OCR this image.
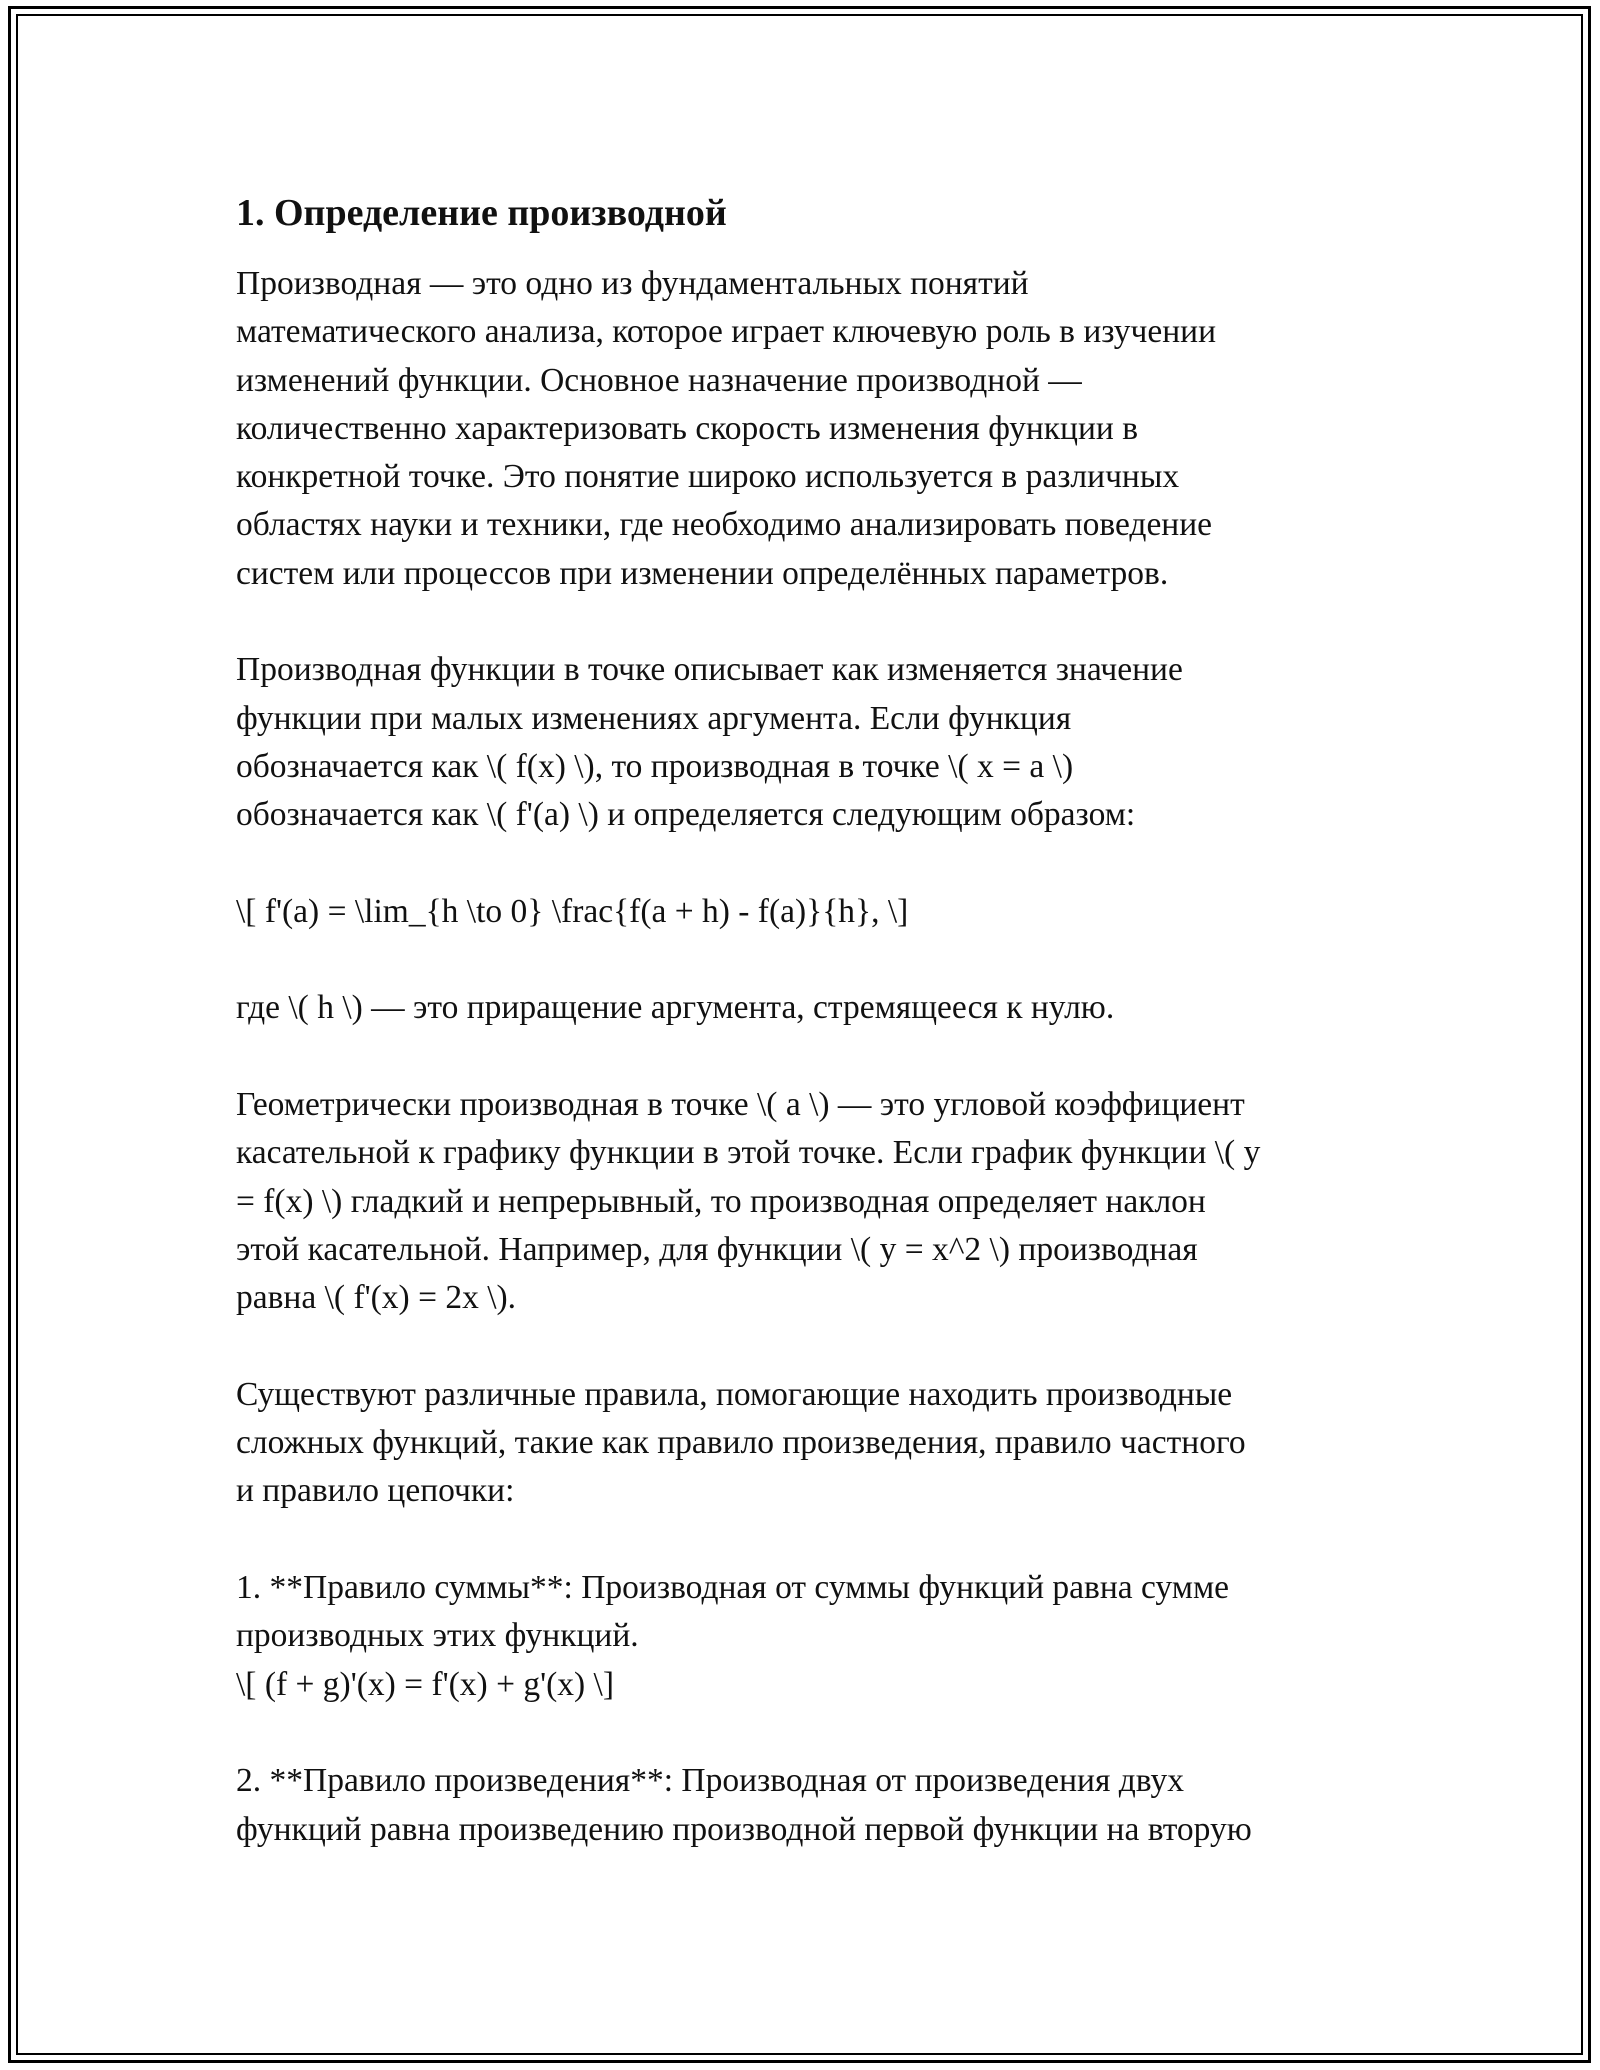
1. Определение производной

Производная — это одно из фундаментальных понятий
математического анализа, которое играет ключевую роль в изучении
изменений функции. Основное назначение производной —
количественно характеризовать скорость изменения функции в
конкретной точке. Это понятие широко используется в различных
областях науки и техники, где необходимо анализировать поведение
систем или процессов при изменении определённых параметров.

Производная функции в точке описывает как изменяется значение
функции при малых изменениях аргумента. Если функция
обозначается как \( f(x) \), то производная в точке \( x = a \)
обозначается как \( f'(a) \) и определяется следующим образом:

\[ f'(a) = \lim_{h \to 0} \frac{f(a + h) - f(a)}{h}, \]

где \( h \) — это приращение аргумента, стремящееся к нулю.

Геометрически производная в точке \( a \) — это угловой коэффициент
касательной к графику функции в этой точке. Если график функции \( y
= f(x) \) гладкий и непрерывный, то производная определяет наклон
этой касательной. Например, для функции \( y = x^2 \) производная
равна \( f'(x) = 2x \).

Существуют различные правила, помогающие находить производные
сложных функций, такие как правило произведения, правило частного
и правило цепочки:

1. **Правило суммы**: Производная от суммы функций равна сумме
производных этих функций.
\[ (f + g)'(x) = f'(x) + g'(x) \]

2. **Правило произведения**: Производная от произведения двух
функций равна произведению производной первой функции на вторую
